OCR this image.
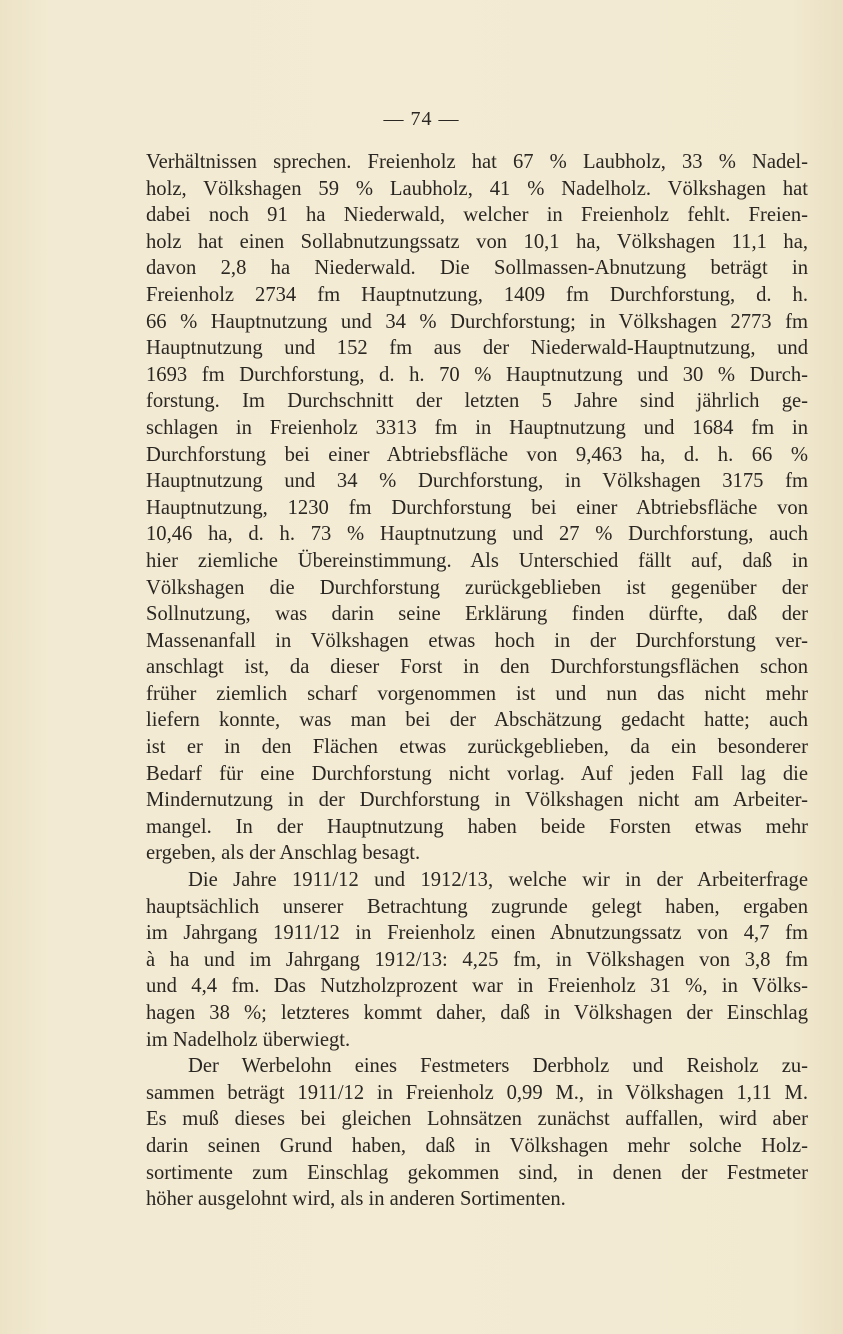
— 74 —
Verhältnissen sprechen. Freienholz hat 67 % Laubholz, 33 % Nadel-
holz, Völkshagen 59 % Laubholz, 41 % Nadelholz. Völkshagen hat
dabei noch 91 ha Niederwald, welcher in Freienholz fehlt. Freien-
holz hat einen Sollabnutzungssatz von 10,1 ha, Völkshagen 11,1 ha,
davon 2,8 ha Niederwald. Die Sollmassen-Abnutzung beträgt in
Freienholz 2734 fm Hauptnutzung, 1409 fm Durchforstung, d. h.
66 % Hauptnutzung und 34 % Durchforstung; in Völkshagen 2773 fm
Hauptnutzung und 152 fm aus der Niederwald-Hauptnutzung, und
1693 fm Durchforstung, d. h. 70 % Hauptnutzung und 30 % Durch-
forstung. Im Durchschnitt der letzten 5 Jahre sind jährlich ge-
schlagen in Freienholz 3313 fm in Hauptnutzung und 1684 fm in
Durchforstung bei einer Abtriebsfläche von 9,463 ha, d. h. 66 %
Hauptnutzung und 34 % Durchforstung, in Völkshagen 3175 fm
Hauptnutzung, 1230 fm Durchforstung bei einer Abtriebsfläche von
10,46 ha, d. h. 73 % Hauptnutzung und 27 % Durchforstung, auch
hier ziemliche Übereinstimmung. Als Unterschied fällt auf, daß in
Völkshagen die Durchforstung zurückgeblieben ist gegenüber der
Sollnutzung, was darin seine Erklärung finden dürfte, daß der
Massenanfall in Völkshagen etwas hoch in der Durchforstung ver-
anschlagt ist, da dieser Forst in den Durchforstungsflächen schon
früher ziemlich scharf vorgenommen ist und nun das nicht mehr
liefern konnte, was man bei der Abschätzung gedacht hatte; auch
ist er in den Flächen etwas zurückgeblieben, da ein besonderer
Bedarf für eine Durchforstung nicht vorlag. Auf jeden Fall lag die
Mindernutzung in der Durchforstung in Völkshagen nicht am Arbeiter-
mangel. In der Hauptnutzung haben beide Forsten etwas mehr
ergeben, als der Anschlag besagt.
Die Jahre 1911/12 und 1912/13, welche wir in der Arbeiterfrage
hauptsächlich unserer Betrachtung zugrunde gelegt haben, ergaben
im Jahrgang 1911/12 in Freienholz einen Abnutzungssatz von 4,7 fm
à ha und im Jahrgang 1912/13: 4,25 fm, in Völkshagen von 3,8 fm
und 4,4 fm. Das Nutzholzprozent war in Freienholz 31 %, in Völks-
hagen 38 %; letzteres kommt daher, daß in Völkshagen der Einschlag
im Nadelholz überwiegt.
Der Werbelohn eines Festmeters Derbholz und Reisholz zu-
sammen beträgt 1911/12 in Freienholz 0,99 M., in Völkshagen 1,11 M.
Es muß dieses bei gleichen Lohnsätzen zunächst auffallen, wird aber
darin seinen Grund haben, daß in Völkshagen mehr solche Holz-
sortimente zum Einschlag gekommen sind, in denen der Festmeter
höher ausgelohnt wird, als in anderen Sortimenten.
